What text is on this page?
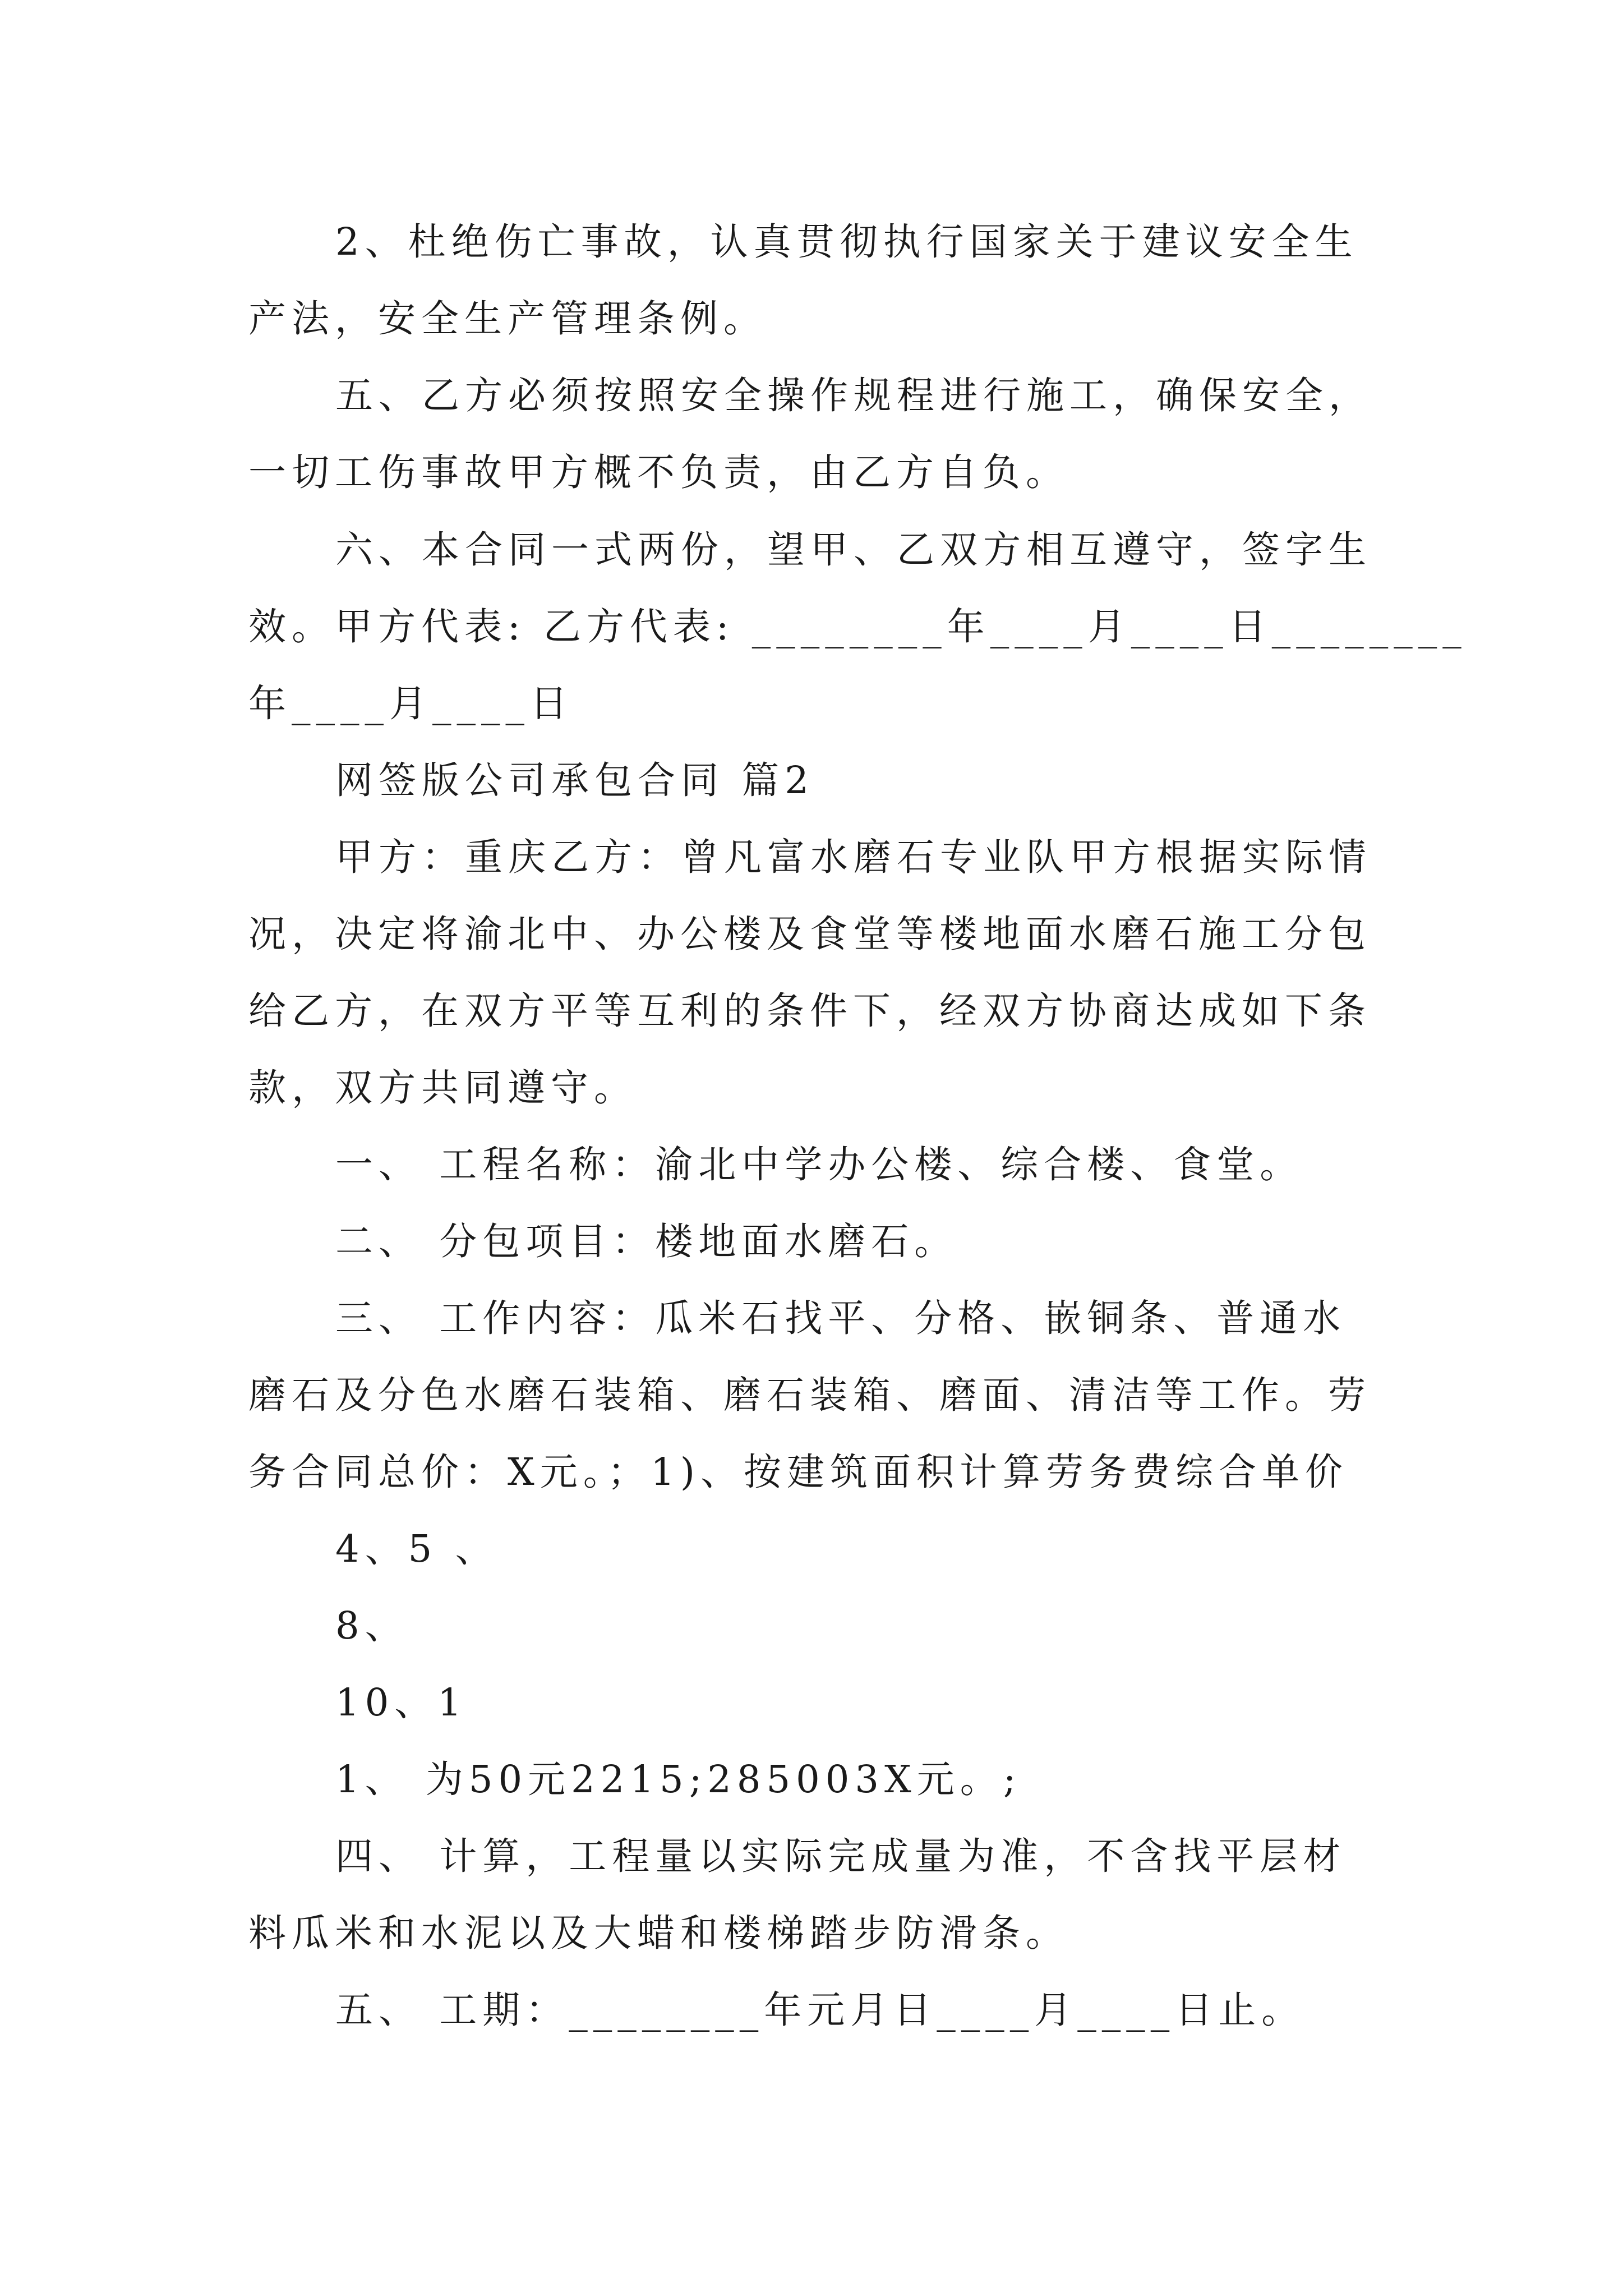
2、杜绝伤亡事故，认真贯彻执行国家关于建议安全生
产法，安全生产管理条例。
五、乙方必须按照安全操作规程进行施工，确保安全，
一切工伤事故甲方概不负责，由乙方自负。
六、本合同一式两份，望甲、乙双方相互遵守，签字生
效。甲方代表: 乙方代表: ________年____月____日________
年____月____日
网签版公司承包合同 篇2
甲方：重庆乙方：曾凡富水磨石专业队甲方根据实际情
况，决定将渝北中、办公楼及食堂等楼地面水磨石施工分包
给乙方，在双方平等互利的条件下，经双方协商达成如下条
款，双方共同遵守。
一、 工程名称：渝北中学办公楼、综合楼、食堂。
二、 分包项目：楼地面水磨石。
三、 工作内容：瓜米石找平、分格、嵌铜条、普通水
磨石及分色水磨石装箱、磨石装箱、磨面、清洁等工作。劳
务合同总价：X元。；1)、按建筑面积计算劳务费综合单价
4、5 、
8、
10、1
1、 为50元2215;285003X元。;
四、 计算，工程量以实际完成量为准，不含找平层材
料瓜米和水泥以及大蜡和楼梯踏步防滑条。
五、 工期：________年元月日____月____日止。
